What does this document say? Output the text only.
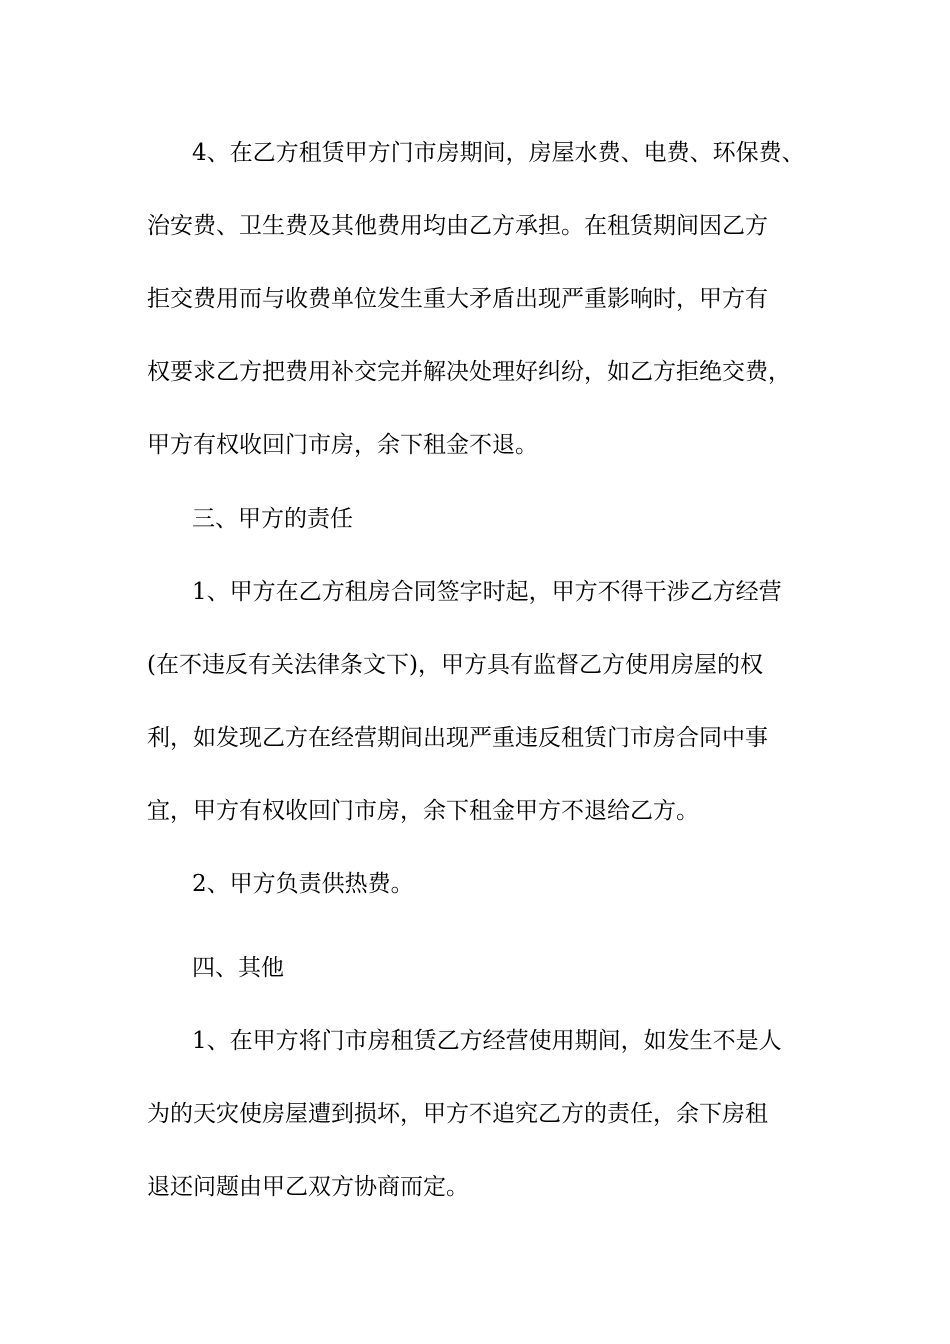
4、在乙方租赁甲方门市房期间，房屋水费、电费、环保费、
治安费、卫生费及其他费用均由乙方承担。在租赁期间因乙方
拒交费用而与收费单位发生重大矛盾出现严重影响时，甲方有
权要求乙方把费用补交完并解决处理好纠纷，如乙方拒绝交费，
甲方有权收回门市房，余下租金不退。
三、甲方的责任
1、甲方在乙方租房合同签字时起，甲方不得干涉乙方经营
(在不违反有关法律条文下)，甲方具有监督乙方使用房屋的权
利，如发现乙方在经营期间出现严重违反租赁门市房合同中事
宜，甲方有权收回门市房，余下租金甲方不退给乙方。
2、甲方负责供热费。
四、其他
1、在甲方将门市房租赁乙方经营使用期间，如发生不是人
为的天灾使房屋遭到损坏，甲方不追究乙方的责任，余下房租
退还问题由甲乙双方协商而定。
